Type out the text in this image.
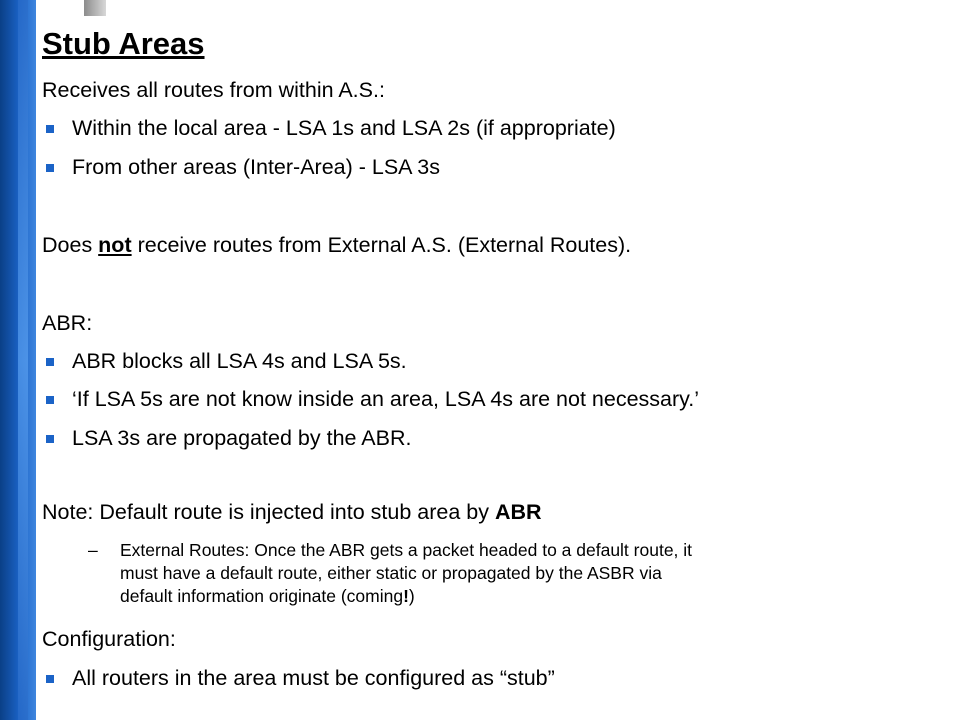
Stub Areas
Receives all routes from within A.S.:
Within the local area - LSA 1s and LSA 2s (if appropriate)
From other areas (Inter-Area) - LSA 3s
Does not receive routes from External A.S. (External Routes).
ABR:
ABR blocks all LSA 4s and LSA 5s.
‘If LSA 5s are not know inside an area, LSA 4s are not necessary.’
LSA 3s are propagated by the ABR.
Note: Default route is injected into stub area by ABR
– External Routes: Once the ABR gets a packet headed to a default route, it
must have a default route, either static or propagated by the ASBR via
default information originate (coming!)
Configuration:
All routers in the area must be configured as “stub”
